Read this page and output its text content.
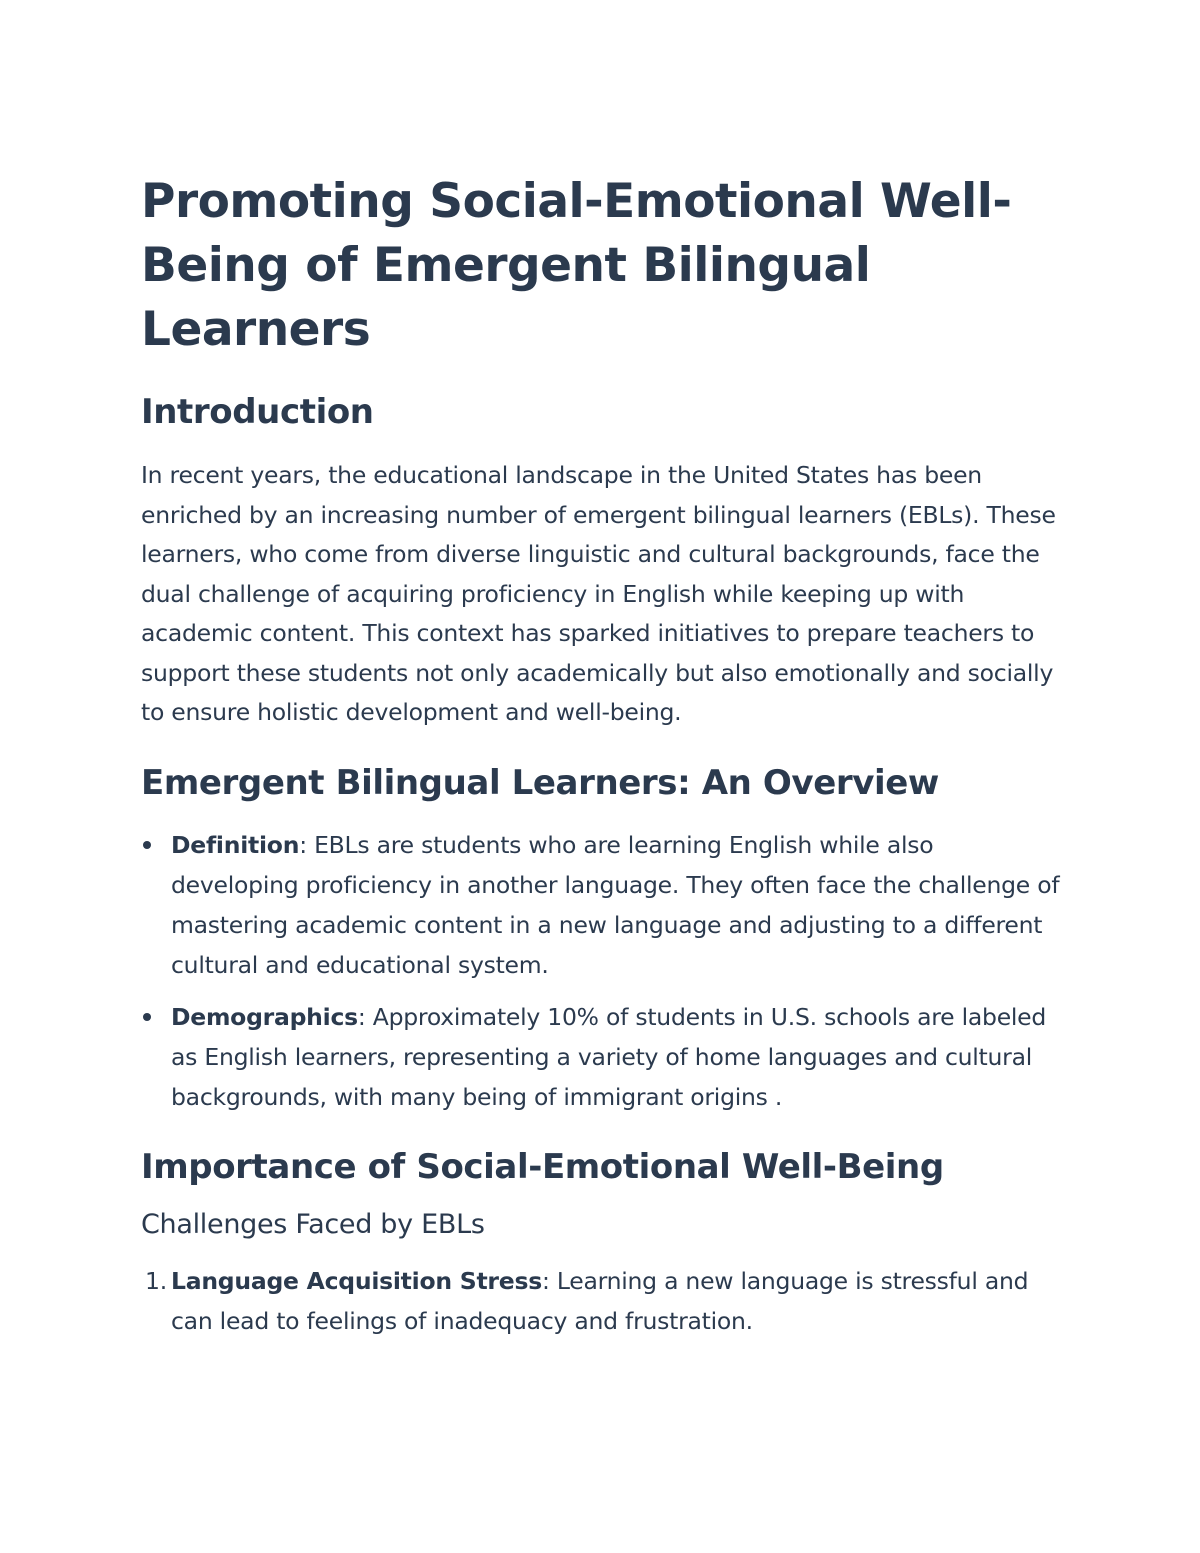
Promoting Social-Emotional Well-Being of Emergent Bilingual Learners
Introduction

In recent years, the educational landscape in the United States has been enriched by an increasing number of emergent bilingual learners (EBLs). These learners, who come from diverse linguistic and cultural backgrounds, face the dual challenge of acquiring proficiency in English while keeping up with academic content. This context has sparked initiatives to prepare teachers to support these students not only academically but also emotionally and socially to ensure holistic development and well-being.

Emergent Bilingual Learners: An Overview
Definition: EBLs are students who are learning English while also developing proficiency in another language. They often face the challenge of mastering academic content in a new language and adjusting to a different cultural and educational system.
Demographics: Approximately 10% of students in U.S. schools are labeled as English learners, representing a variety of home languages and cultural backgrounds, with many being of immigrant origins .
Importance of Social-Emotional Well-Being
Challenges Faced by EBLs
1. Language Acquisition Stress: Learning a new language is stressful and can lead to feelings of inadequacy and frustration.
